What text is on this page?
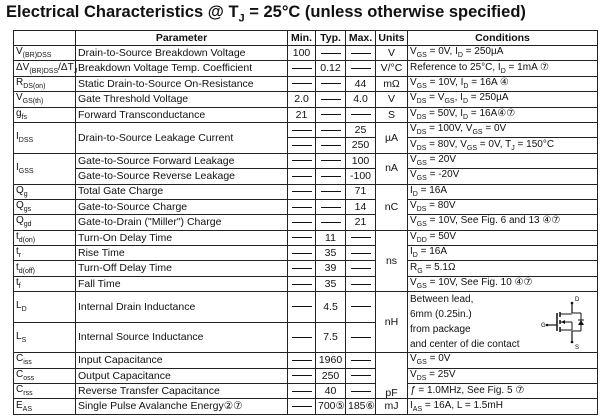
Electrical Characteristics @ $T_J = 25^\circ C$ (unless otherwise specified)
	Parameter	Min.	Typ.	Max.	Units	Conditions
$V_{(BR)DSS}$	Drain-to-Source Breakdown Voltage	100			V	$V_{GS} = 0V$, $I_D = 250\mu A$
$\Delta V_{(BR)DSS}/\Delta T_J$	Breakdown Voltage Temp. Coefficient		0.12		V/°C	Reference to 25°C, $I_D = 1mA$ ⑦
$R_{DS(on)}$	Static Drain-to-Source On-Resistance			44	mΩ	$V_{GS} = 10V$, $I_D = 16A$ ④
$V_{GS(th)}$	Gate Threshold Voltage	2.0		4.0	V	$V_{DS} = V_{GS}$, $I_D = 250\mu A$
$g_{fs}$	Forward Transconductance	21			S	$V_{DS} = 50V$, $I_D$ = 16A④⑦
$I_{DSS}$	Drain-to-Source Leakage Current			25	µA	$V_{DS} = 100V$, $V_{GS} = 0V$
				250		$V_{DS} = 80V$, $V_{GS} = 0V$, $T_J = 150^\circ C$
$I_{GSS}$	Gate-to-Source Forward Leakage			100	nA	$V_{GS} = 20V$
	Gate-to-Source Reverse Leakage			-100		$V_{GS} = -20V$
$Q_g$	Total Gate Charge			71	nC	$I_D = 16A$
$Q_{gs}$	Gate-to-Source Charge			14		$V_{DS} = 80V$
$Q_{gd}$	Gate-to-Drain ("Miller") Charge			21		$V_{GS} = 10V$, See Fig. 6 and 13 ④⑦
$t_{d(on)}$	Turn-On Delay Time		11		ns	$V_{DD} = 50V$
$t_r$	Rise Time		35			$I_D = 16A$
$t_{d(off)}$	Turn-Off Delay Time		39			$R_G = 5.1\Omega$
$t_f$	Fall Time		35			$V_{GS} = 10V$, See Fig. 10 ④⑦
$L_D$	Internal Drain Inductance		4.5		nH	Between lead,
6mm (0.25in.)
from package
and center of die contact

$L_S$	Internal Source Inductance		7.5			
$C_{iss}$	Input Capacitance		1960		pF	$V_{GS} = 0V$
$C_{oss}$	Output Capacitance		250			$V_{DS} = 25V$
$C_{rss}$	Reverse Transfer Capacitance		40			ƒ = 1.0MHz, See Fig. 5 ⑦
$E_{AS}$	Single Pulse Avalanche Energy②⑦		700⑤	185⑥	mJ	$I_{AS} = 16A$, L = 1.5mH
D
G
S
